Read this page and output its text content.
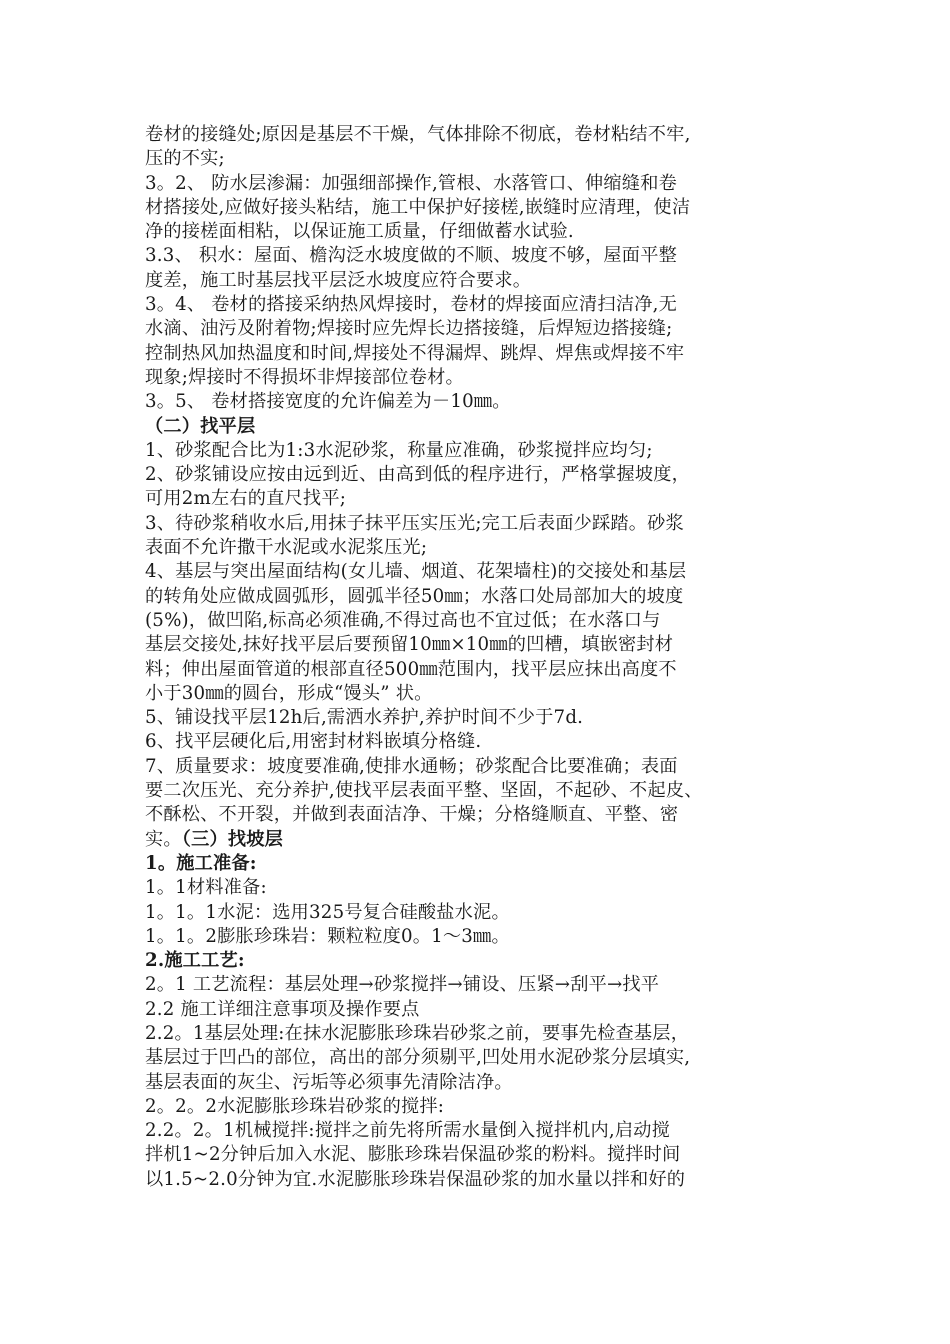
卷材的接缝处;原因是基层不干燥，气体排除不彻底，卷材粘结不牢,
压的不实;
3。2、 防水层渗漏：加强细部操作,管根、水落管口、伸缩缝和卷
材搭接处,应做好接头粘结，施工中保护好接槎,嵌缝时应清理，使洁
净的接槎面相粘，以保证施工质量，仔细做蓄水试验.
3.3、 积水：屋面、檐沟泛水坡度做的不顺、坡度不够，屋面平整
度差，施工时基层找平层泛水坡度应符合要求。
3。4、 卷材的搭接采纳热风焊接时，卷材的焊接面应清扫洁净,无
水滴、油污及附着物;焊接时应先焊长边搭接缝，后焊短边搭接缝;
控制热风加热温度和时间,焊接处不得漏焊、跳焊、焊焦或焊接不牢
现象;焊接时不得损坏非焊接部位卷材。
3。5、 卷材搭接宽度的允许偏差为－10㎜。
（二）找平层
1、砂浆配合比为1:3水泥砂浆，称量应准确，砂浆搅拌应均匀;
2、砂浆铺设应按由远到近、由高到低的程序进行，严格掌握坡度，
可用2m左右的直尺找平;
3、待砂浆稍收水后,用抹子抹平压实压光;完工后表面少踩踏。砂浆
表面不允许撒干水泥或水泥浆压光;
4、基层与突出屋面结构(女儿墙、烟道、花架墙柱)的交接处和基层
的转角处应做成圆弧形，圆弧半径50㎜；水落口处局部加大的坡度
(5%)，做凹陷,标高必须准确,不得过高也不宜过低；在水落口与
基层交接处,抹好找平层后要预留10㎜×10㎜的凹槽，填嵌密封材
料；伸出屋面管道的根部直径500㎜范围内，找平层应抹出高度不
小于30㎜的圆台，形成“馒头” 状。
5、铺设找平层12h后,需洒水养护,养护时间不少于7d.
6、找平层硬化后,用密封材料嵌填分格缝.
7、质量要求：坡度要准确,使排水通畅；砂浆配合比要准确；表面
要二次压光、充分养护,使找平层表面平整、坚固，不起砂、不起皮、
不酥松、不开裂，并做到表面洁净、干燥；分格缝顺直、平整、密
实。（三）找坡层
1。施工准备:
1。1材料准备:
1。1。1水泥：选用325号复合硅酸盐水泥。
1。1。2膨胀珍珠岩：颗粒粒度0。1～3㎜。
2.施工工艺:
2。1 工艺流程：基层处理→砂浆搅拌→铺设、压紧→刮平→找平
2.2 施工详细注意事项及操作要点
2.2。1基层处理:在抹水泥膨胀珍珠岩砂浆之前，要事先检查基层，
基层过于凹凸的部位，高出的部分须剔平,凹处用水泥砂浆分层填实,
基层表面的灰尘、污垢等必须事先清除洁净。
2。2。2水泥膨胀珍珠岩砂浆的搅拌:
2.2。2。1机械搅拌:搅拌之前先将所需水量倒入搅拌机内,启动搅
拌机1~2分钟后加入水泥、膨胀珍珠岩保温砂浆的粉料。搅拌时间
以1.5~2.0分钟为宜.水泥膨胀珍珠岩保温砂浆的加水量以拌和好的
